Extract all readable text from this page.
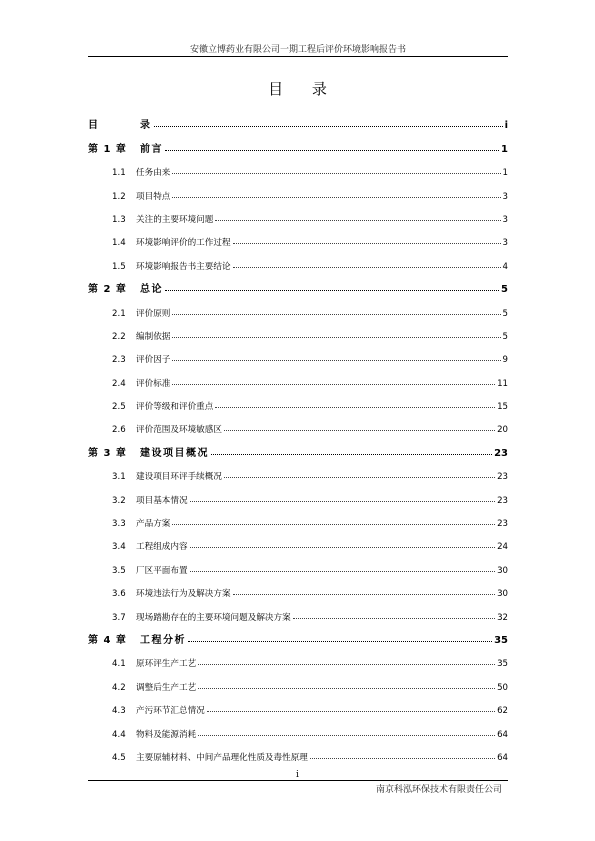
安徽立博药业有限公司一期工程后评价环境影响报告书
目 录
目	录	i
第 1 章	前言	1
1.1	任务由来	1
1.2	项目特点	3
1.3	关注的主要环境问题	3
1.4	环境影响评价的工作过程	3
1.5	环境影响报告书主要结论	4
第 2 章	总论	5
2.1	评价原则	5
2.2	编制依据	5
2.3	评价因子	9
2.4	评价标准	11
2.5	评价等级和评价重点	15
2.6	评价范围及环境敏感区	20
第 3 章	建设项目概况	23
3.1	建设项目环评手续概况	23
3.2	项目基本情况	23
3.3	产品方案	23
3.4	工程组成内容	24
3.5	厂区平面布置	30
3.6	环境违法行为及解决方案	30
3.7	现场踏勘存在的主要环境问题及解决方案	32
第 4 章	工程分析	35
4.1	原环评生产工艺	35
4.2	调整后生产工艺	50
4.3	产污环节汇总情况	62
4.4	物料及能源消耗	64
4.5	主要原辅材料、中间产品理化性质及毒性原理	64
i
南京科泓环保技术有限责任公司
